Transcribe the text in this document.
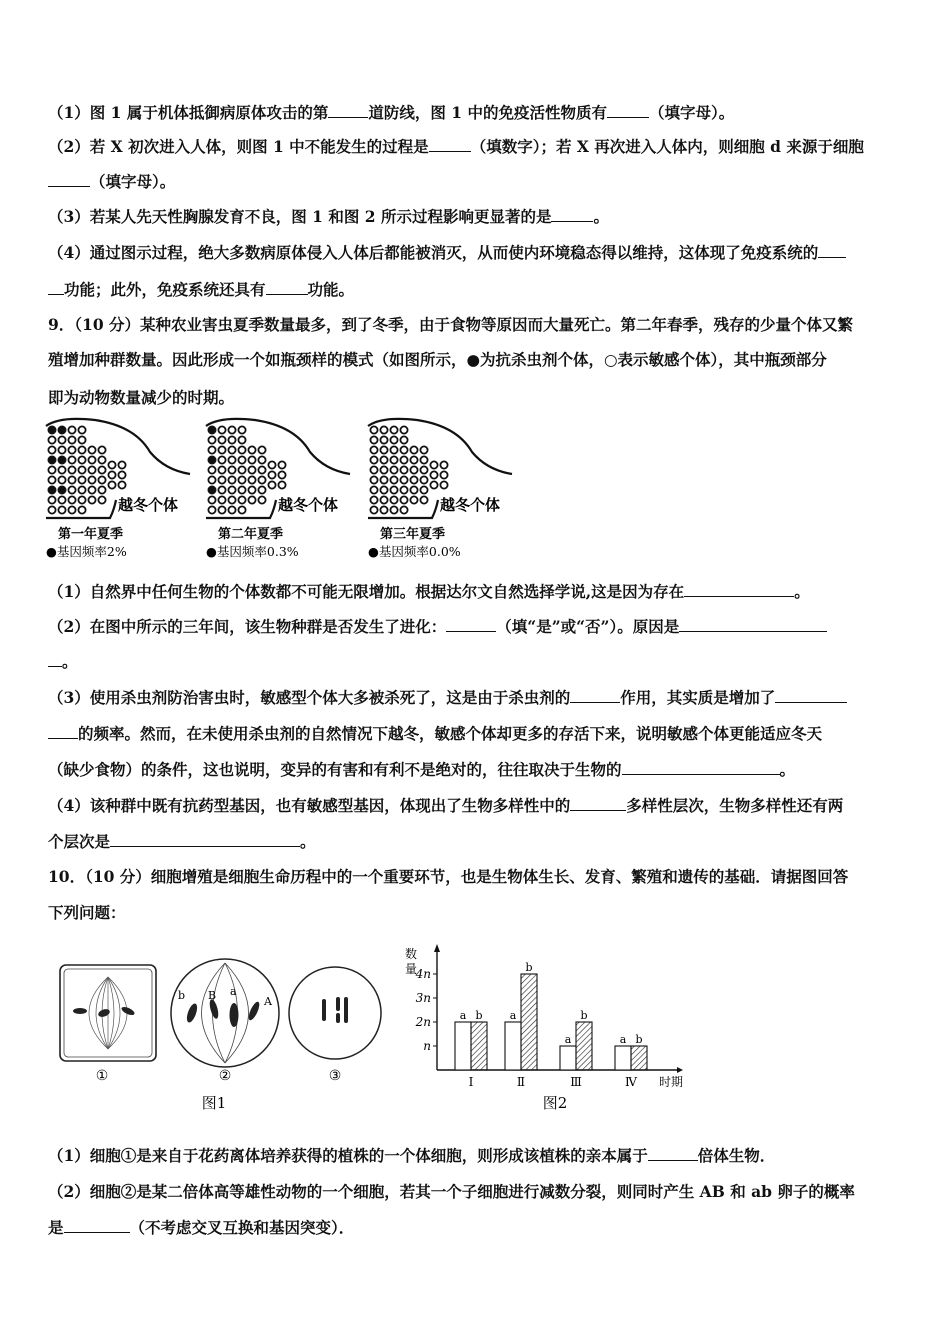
（1）图 1 属于机体抵御病原体攻击的第	道防线，图 1 中的免疫活性物质有	（填字母）。
（2）若 X 初次进入人体，则图 1 中不能发生的过程是	（填数字）；若 X 再次进入人体内，则细胞 d 来源于细胞
（填字母）。
（3）若某人先天性胸腺发育不良，图 1 和图 2 所示过程影响更显著的是	。
（4）通过图示过程，绝大多数病原体侵入人体后都能被消灭，从而使内环境稳态得以维持，这体现了免疫系统的
功能；此外，免疫系统还具有	功能。
9．（10 分）某种农业害虫夏季数量最多，到了冬季，由于食物等原因而大量死亡。第二年春季，残存的少量个体又繁
殖增加种群数量。因此形成一个如瓶颈样的模式（如图所示，●为抗杀虫剂个体，○表示敏感个体），其中瓶颈部分
即为动物数量减少的时期。
越冬个体
第一年夏季
●基因频率2%
越冬个体
第二年夏季
●基因频率0.3%
越冬个体
第三年夏季
●基因频率0.0%
（1）自然界中任何生物的个体数都不可能无限增加。根据达尔文自然选择学说,这是因为存在	。
（2）在图中所示的三年间，该生物种群是否发生了进化：	（填“是”或“否”）。原因是
。
（3）使用杀虫剂防治害虫时，敏感型个体大多被杀死了，这是由于杀虫剂的	作用，其实质是增加了
的频率。然而，在未使用杀虫剂的自然情况下越冬，敏感个体却更多的存活下来，说明敏感个体更能适应冬天
（缺少食物）的条件，这也说明，变异的有害和有利不是绝对的，往往取决于生物的	。
（4）该种群中既有抗药型基因，也有敏感型基因，体现出了生物多样性中的	多样性层次，生物多样性还有两
个层次是	。
10．（10 分）细胞增殖是细胞生命历程中的一个重要环节，也是生物体生长、发育、繁殖和遗传的基础．请据图回答
下列问题：
①
b B a
A
②	③
图1
数
量
4n
3n
2n
n
a b
Ⅰ
a
b
Ⅱ
a
b
Ⅲ
a b
Ⅳ 时期
图2
（1）细胞①是来自于花药离体培养获得的植株的一个体细胞，则形成该植株的亲本属于	倍体生物．
（2）细胞②是某二倍体高等雄性动物的一个细胞，若其一个子细胞进行减数分裂，则同时产生 AB 和 ab 卵子的概率
是	（不考虑交叉互换和基因突变）．
